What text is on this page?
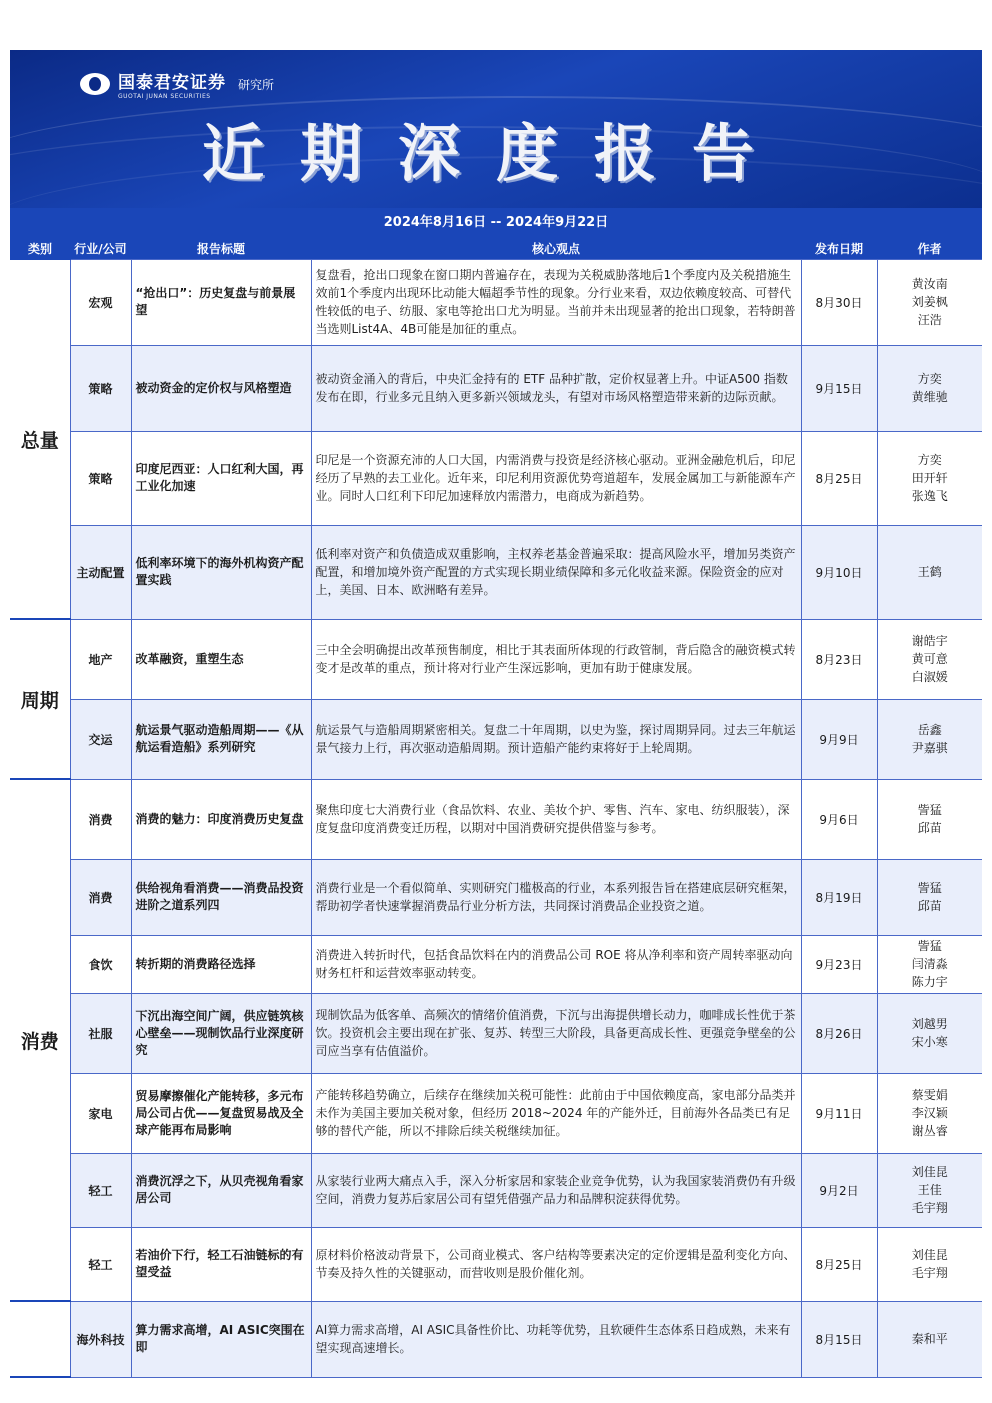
国泰君安证券
GUOTAI JUNAN SECURITIES
研究所
近期深度报告
2024年8月16日 -- 2024年9月22日
类别	行业/公司	报告标题	核心观点	发布日期	作者
总量	宏观	“抢出口”：历史复盘与前景展望	复盘看，抢出口现象在窗口期内普遍存在，表现为关税威胁落地后1个季度内及关税措施生效前1个季度内出现环比动能大幅超季节性的现象。分行业来看，双边依赖度较高、可替代性较低的电子、纺服、家电等抢出口尤为明显。当前并未出现显著的抢出口现象，若特朗普当选则List4A、4B可能是加征的重点。	8月30日	黄汝南
刘姜枫
汪浩

	策略	被动资金的定价权与风格塑造	被动资金涌入的背后，中央汇金持有的 ETF 品种扩散，定价权显著上升。中证A500 指数发布在即，行业多元且纳入更多新兴领域龙头，有望对市场风格塑造带来新的边际贡献。	9月15日	方奕
黄维驰

	策略	印度尼西亚：人口红利大国，再工业化加速	印尼是一个资源充沛的人口大国，内需消费与投资是经济核心驱动。亚洲金融危机后，印尼经历了早熟的去工业化。近年来，印尼利用资源优势弯道超车，发展金属加工与新能源车产业。同时人口红利下印尼加速释放内需潜力，电商成为新趋势。	8月25日	方奕
田开轩
张逸飞

	主动配置	低利率环境下的海外机构资产配置实践	低利率对资产和负债造成双重影响，主权养老基金普遍采取：提高风险水平，增加另类资产配置，和增加境外资产配置的方式实现长期业绩保障和多元化收益来源。保险资金的应对上，美国、日本、欧洲略有差异。	9月10日	王鹤

周期	地产	改革融资，重塑生态	三中全会明确提出改革预售制度，相比于其表面所体现的行政管制，背后隐含的融资模式转变才是改革的重点，预计将对行业产生深远影响，更加有助于健康发展。	8月23日	谢皓宇
黄可意
白淑媛

	交运	航运景气驱动造船周期——《从航运看造船》系列研究	航运景气与造船周期紧密相关。复盘二十年周期，以史为鉴，探讨周期异同。过去三年航运景气接力上行，再次驱动造船周期。预计造船产能约束将好于上轮周期。	9月9日	岳鑫
尹嘉骐

消费	消费	消费的魅力：印度消费历史复盘	聚焦印度七大消费行业（食品饮料、农业、美妆个护、零售、汽车、家电、纺织服装），深度复盘印度消费变迁历程，以期对中国消费研究提供借鉴与参考。	9月6日	訾猛
邱苗

	消费	供给视角看消费——消费品投资进阶之道系列四	消费行业是一个看似简单、实则研究门槛极高的行业，本系列报告旨在搭建底层研究框架，帮助初学者快速掌握消费品行业分析方法，共同探讨消费品企业投资之道。	8月19日	訾猛
邱苗

	食饮	转折期的消费路径选择	消费进入转折时代，包括食品饮料在内的消费品公司 ROE 将从净利率和资产周转率驱动向财务杠杆和运营效率驱动转变。	9月23日	訾猛
闫清淼
陈力宇

	社服	下沉出海空间广阔，供应链筑核心壁垒——现制饮品行业深度研究	现制饮品为低客单、高频次的情绪价值消费，下沉与出海提供增长动力，咖啡成长性优于茶饮。投资机会主要出现在扩张、复苏、转型三大阶段，具备更高成长性、更强竞争壁垒的公司应当享有估值溢价。	8月26日	刘越男
宋小寒

	家电	贸易摩擦催化产能转移，多元布局公司占优——复盘贸易战及全球产能再布局影响	产能转移趋势确立，后续存在继续加关税可能性：此前由于中国依赖度高，家电部分品类并未作为美国主要加关税对象，但经历 2018~2024 年的产能外迁，目前海外各品类已有足够的替代产能，所以不排除后续关税继续加征。	9月11日	蔡雯娟
李汉颖
谢丛睿

	轻工	消费沉浮之下，从贝壳视角看家居公司	从家装行业两大痛点入手，深入分析家居和家装企业竞争优势，认为我国家装消费仍有升级空间，消费力复苏后家居公司有望凭借强产品力和品牌积淀获得优势。	9月2日	刘佳昆
王佳
毛宇翔

	轻工	若油价下行，轻工石油链标的有望受益	原材料价格波动背景下，公司商业模式、客户结构等要素决定的定价逻辑是盈利变化方向、节奏及持久性的关键驱动，而营收则是股价催化剂。	8月25日	刘佳昆
毛宇翔

	海外科技	算力需求高增，AI ASIC突围在即	AI算力需求高增，AI ASIC具备性价比、功耗等优势，且软硬件生态体系日趋成熟，未来有望实现高速增长。	8月15日	秦和平
